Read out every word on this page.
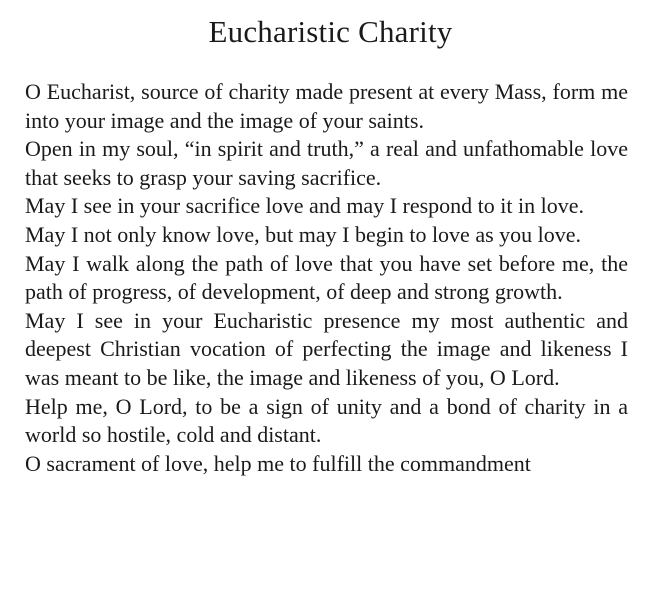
Eucharistic Charity

O Eucharist, source of charity made present at every Mass, form me into your image and the image of your saints.

Open in my soul, “in spirit and truth,” a real and unfathomable love that seeks to grasp your saving sacrifice.

May I see in your sacrifice love and may I respond to it in love.

May I not only know love, but may I begin to love as you love.

May I walk along the path of love that you have set before me, the path of progress, of development, of deep and strong growth.

May I see in your Eucharistic presence my most authentic and deepest Christian vocation of perfecting the image and likeness I was meant to be like, the image and likeness of you, O Lord.

Help me, O Lord, to be a sign of unity and a bond of charity in a world so hostile, cold and distant.

O sacrament of love, help me to fulfill the commandment
